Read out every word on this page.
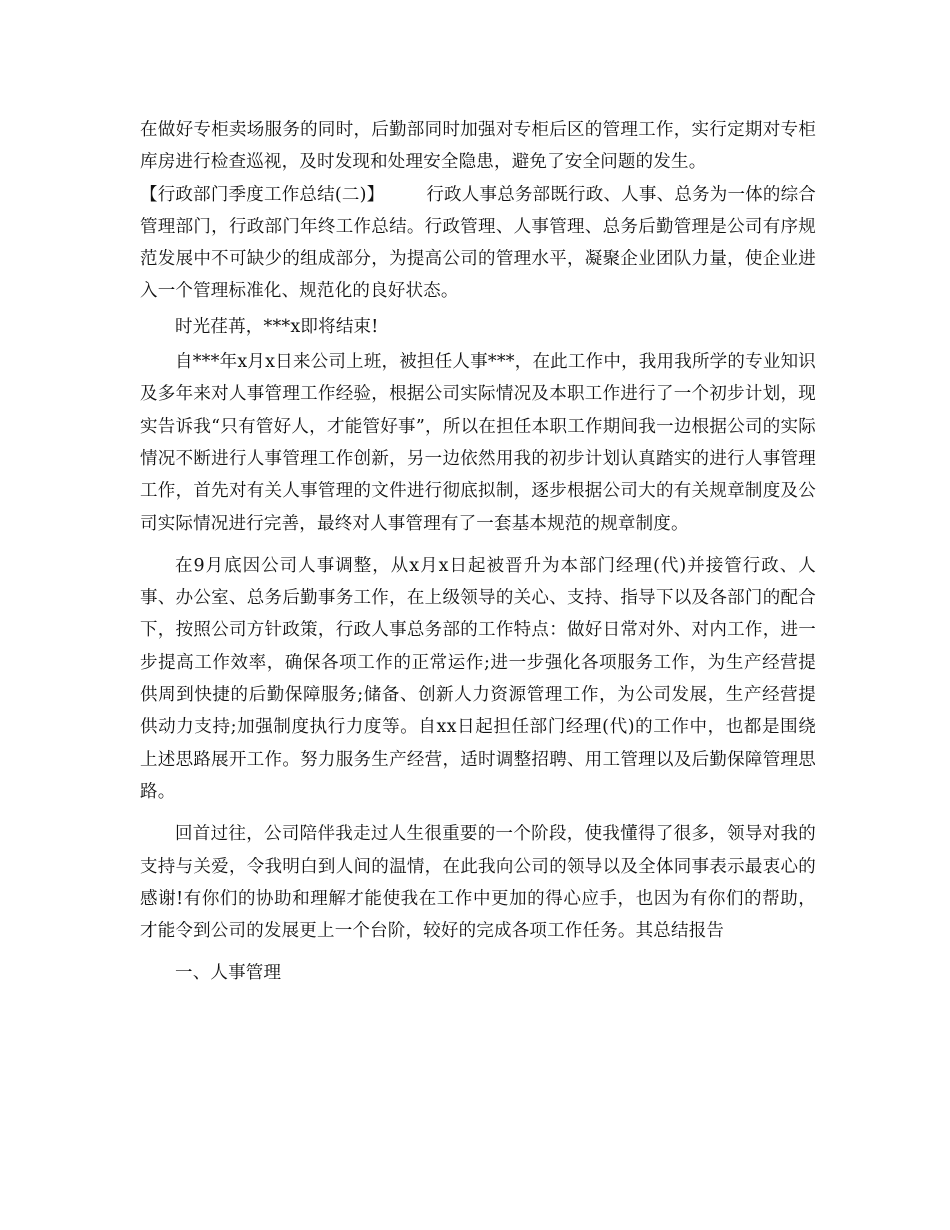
在做好专柜卖场服务的同时，后勤部同时加强对专柜后区的管理工作，实行定期对专柜库房进行检查巡视，及时发现和处理安全隐患，避免了安全问题的发生。

【行政部门季度工作总结(二)】 行政人事总务部既行政、人事、总务为一体的综合管理部门，行政部门年终工作总结。行政管理、人事管理、总务后勤管理是公司有序规范发展中不可缺少的组成部分，为提高公司的管理水平，凝聚企业团队力量，使企业进入一个管理标准化、规范化的良好状态。

时光荏苒，***x即将结束!

自***年x月x日来公司上班，被担任人事***，在此工作中，我用我所学的专业知识及多年来对人事管理工作经验，根据公司实际情况及本职工作进行了一个初步计划，现实告诉我“只有管好人，才能管好事”，所以在担任本职工作期间我一边根据公司的实际情况不断进行人事管理工作创新，另一边依然用我的初步计划认真踏实的进行人事管理工作，首先对有关人事管理的文件进行彻底拟制，逐步根据公司大的有关规章制度及公司实际情况进行完善，最终对人事管理有了一套基本规范的规章制度。

在9月底因公司人事调整，从x月x日起被晋升为本部门经理(代)并接管行政、人事、办公室、总务后勤事务工作，在上级领导的关心、支持、指导下以及各部门的配合下，按照公司方针政策，行政人事总务部的工作特点：做好日常对外、对内工作，进一步提高工作效率，确保各项工作的正常运作;进一步强化各项服务工作，为生产经营提供周到快捷的后勤保障服务;储备、创新人力资源管理工作，为公司发展，生产经营提供动力支持;加强制度执行力度等。自xx日起担任部门经理(代)的工作中，也都是围绕上述思路展开工作。努力服务生产经营，适时调整招聘、用工管理以及后勤保障管理思路。

回首过往，公司陪伴我走过人生很重要的一个阶段，使我懂得了很多，领导对我的支持与关爱，令我明白到人间的温情，在此我向公司的领导以及全体同事表示最衷心的感谢!有你们的协助和理解才能使我在工作中更加的得心应手，也因为有你们的帮助，才能令到公司的发展更上一个台阶，较好的完成各项工作任务。其总结报告

一、人事管理
